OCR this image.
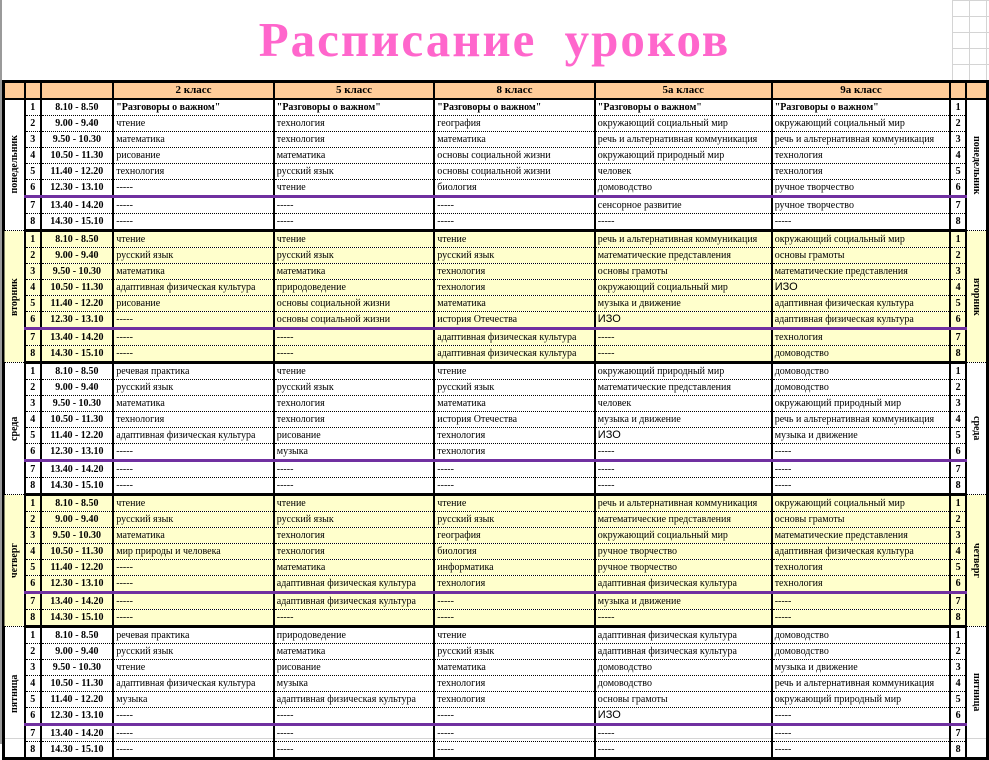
Расписание уроков
			2 класс	5 класс	8 класс	5а класс	9а класс		
понедельник	1	8.10 - 8.50	"Разговоры о важном"	"Разговоры о важном"	"Разговоры о важном"	"Разговоры о важном"	"Разговоры о важном"	1	понедельник
	2	9.00 - 9.40	чтение	технология	география	окружающий социальный мир	окружающий социальный мир	2	
	3	9.50 - 10.30	математика	технология	математика	речь и альтернативная коммуникация	речь и альтернативная коммуникация	3	
	4	10.50 - 11.30	рисование	математика	основы социальной жизни	окружающий природный мир	технология	4	
	5	11.40 - 12.20	технология	русский язык	основы социальной жизни	человек	технология	5	
	6	12.30 - 13.10	-----	чтение	биология	домоводство	ручное творчество	6	
	7	13.40 - 14.20	-----	-----	-----	сенсорное развитие	ручное творчество	7	
	8	14.30 - 15.10	-----	-----	-----	-----	-----	8	
вторник	1	8.10 - 8.50	чтение	чтение	чтение	речь и альтернативная коммуникация	окружающий социальный мир	1	вторник
	2	9.00 - 9.40	русский язык	русский язык	русский язык	математические представления	основы грамоты	2	
	3	9.50 - 10.30	математика	математика	технология	основы грамоты	математические представления	3	
	4	10.50 - 11.30	адаптивная физическая культура	природоведение	технология	окружающий социальный мир	ИЗО	4	
	5	11.40 - 12.20	рисование	основы социальной жизни	математика	музыка и движение	адаптивная физическая культура	5	
	6	12.30 - 13.10	-----	основы социальной жизни	история Отечества	ИЗО	адаптивная физическая культура	6	
	7	13.40 - 14.20	-----	-----	адаптивная физическая культура	-----	технология	7	
	8	14.30 - 15.10	-----	-----	адаптивная физическая культура	-----	домоводство	8	
среда	1	8.10 - 8.50	речевая практика	чтение	чтение	окружающий природный мир	домоводство	1	среда
	2	9.00 - 9.40	русский язык	русский язык	русский язык	математические представления	домоводство	2	
	3	9.50 - 10.30	математика	технология	математика	человек	окружающий природный мир	3	
	4	10.50 - 11.30	технология	технология	история Отечества	музыка и движение	речь и альтернативная коммуникация	4	
	5	11.40 - 12.20	адаптивная физическая культура	рисование	технология	ИЗО	музыка и движение	5	
	6	12.30 - 13.10	-----	музыка	технология	-----	-----	6	
	7	13.40 - 14.20	-----	-----	-----	-----	-----	7	
	8	14.30 - 15.10	-----	-----	-----	-----	-----	8	
четверг	1	8.10 - 8.50	чтение	чтение	чтение	речь и альтернативная коммуникация	окружающий социальный мир	1	четверг
	2	9.00 - 9.40	русский язык	русский язык	русский язык	математические представления	основы грамоты	2	
	3	9.50 - 10.30	математика	технология	география	окружающий социальный мир	математические представления	3	
	4	10.50 - 11.30	мир природы и человека	технология	биология	ручное творчество	адаптивная физическая культура	4	
	5	11.40 - 12.20	-----	математика	информатика	ручное творчество	технология	5	
	6	12.30 - 13.10	-----	адаптивная физическая культура	технология	адаптивная физическая культура	технология	6	
	7	13.40 - 14.20	-----	адаптивная физическая культура	-----	музыка и движение	-----	7	
	8	14.30 - 15.10	-----	-----	-----	-----	-----	8	
пятница	1	8.10 - 8.50	речевая практика	природоведение	чтение	адаптивная физическая культура	домоводство	1	пятница
	2	9.00 - 9.40	русский язык	математика	русский язык	адаптивная физическая культура	домоводство	2	
	3	9.50 - 10.30	чтение	рисование	математика	домоводство	музыка и движение	3	
	4	10.50 - 11.30	адаптивная физическая культура	музыка	технология	домоводство	речь и альтернативная коммуникация	4	
	5	11.40 - 12.20	музыка	адаптивная физическая культура	технология	основы грамоты	окружающий природный мир	5	
	6	12.30 - 13.10	-----	-----	-----	ИЗО	-----	6	
	7	13.40 - 14.20	-----	-----	-----	-----	-----	7	
	8	14.30 - 15.10	-----	-----	-----	-----	-----	8	
